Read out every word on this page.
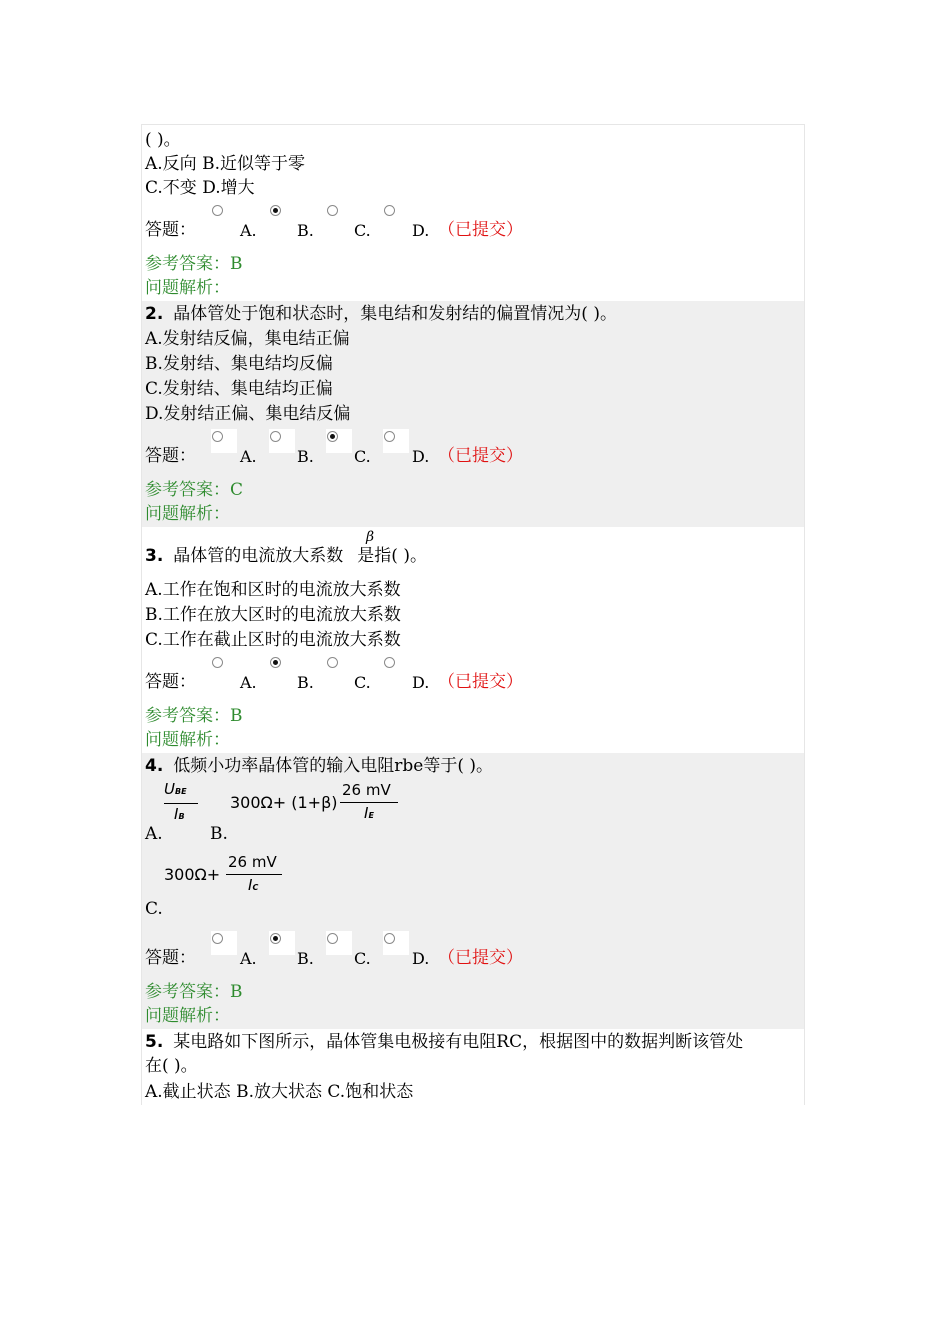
( )。
A.反向 B.近似等于零
C.不变 D.增大
答题：	A.	B.	C.	D. （已提交）
参考答案：B
问题解析：
2. 晶体管处于饱和状态时，集电结和发射结的偏置情况为( )。
A.发射结反偏，集电结正偏
B.发射结、集电结均反偏
C.发射结、集电结均正偏
D.发射结正偏、集电结反偏
答题：	A.	B.	C.	D. （已提交）
参考答案：C
问题解析：
3. 晶体管的电流放大系数 是指( )。
β
A.工作在饱和区时的电流放大系数
B.工作在放大区时的电流放大系数
C.工作在截止区时的电流放大系数
答题：	A.	B.	C.	D. （已提交）
参考答案：B
问题解析：
4. 低频小功率晶体管的输入电阻rbe等于( )。
UBE
IB
300Ω+ (1+β)
26 mV
IE
A.	B.
300Ω+
26 mV
IC
C.
答题：	A.	B.	C.	D. （已提交）
参考答案：B
问题解析：
5. 某电路如下图所示，晶体管集电极接有电阻RC，根据图中的数据判断该管处
在( )。
A.截止状态 B.放大状态 C.饱和状态
